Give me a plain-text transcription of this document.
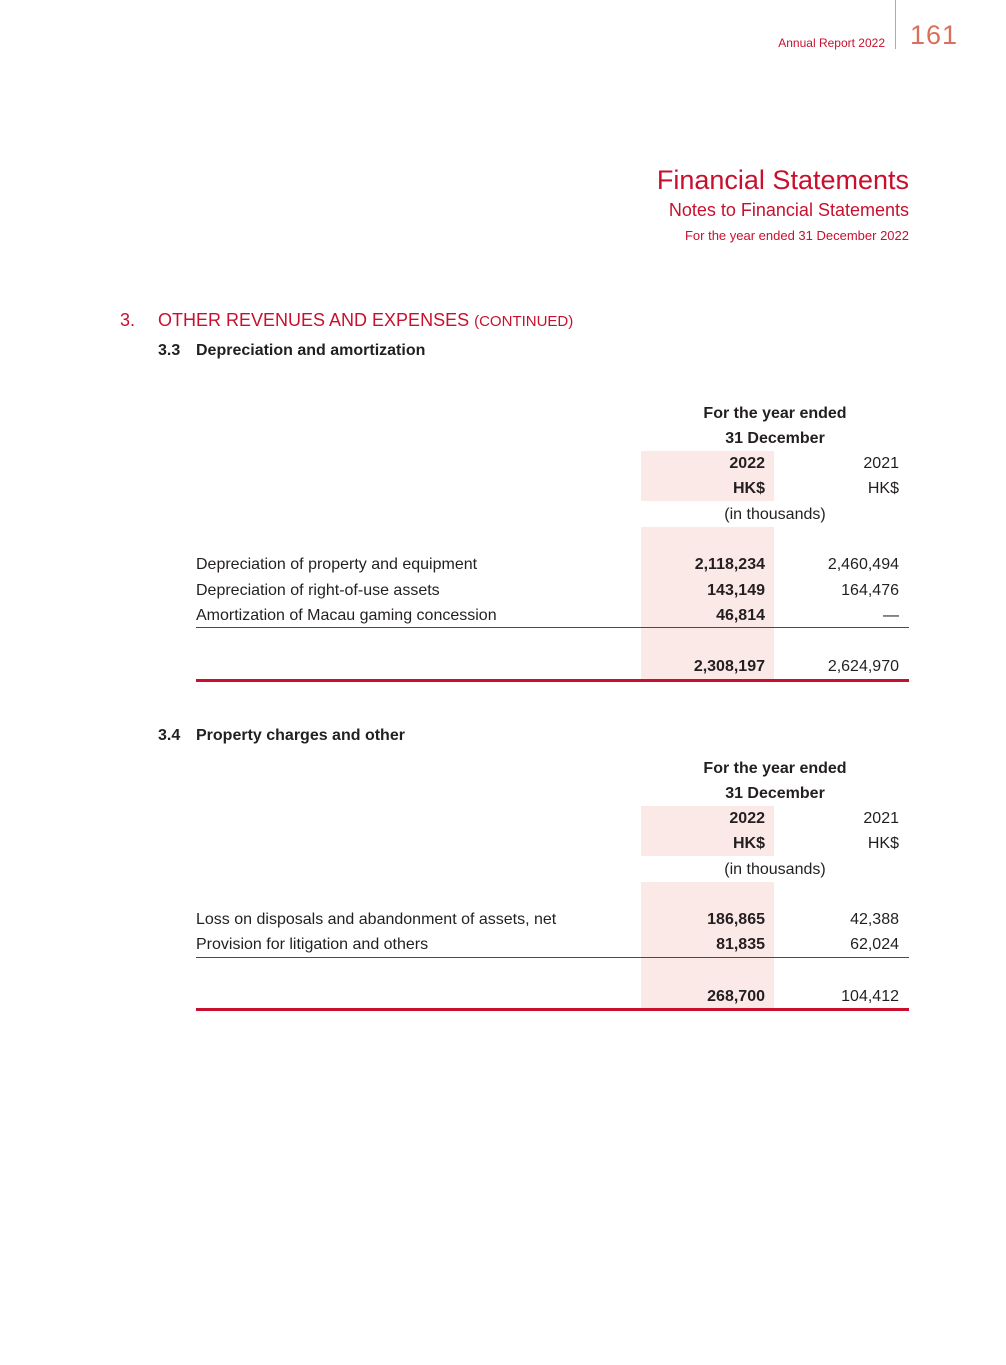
Annual Report 2022 161
Financial Statements
Notes to Financial Statements
For the year ended 31 December 2022
3. OTHER REVENUES AND EXPENSES (CONTINUED)
3.3 Depreciation and amortization
For the year ended
31 December
2022	2021
HK$	HK$
(in thousands)
Depreciation of property and equipment	2,118,234	2,460,494
Depreciation of right-of-use assets	143,149	164,476
Amortization of Macau gaming concession	46,814	—
2,308,197	2,624,970
3.4 Property charges and other
For the year ended
31 December
2022	2021
HK$	HK$
(in thousands)
Loss on disposals and abandonment of assets, net	186,865	42,388
Provision for litigation and others	81,835	62,024
268,700	104,412
